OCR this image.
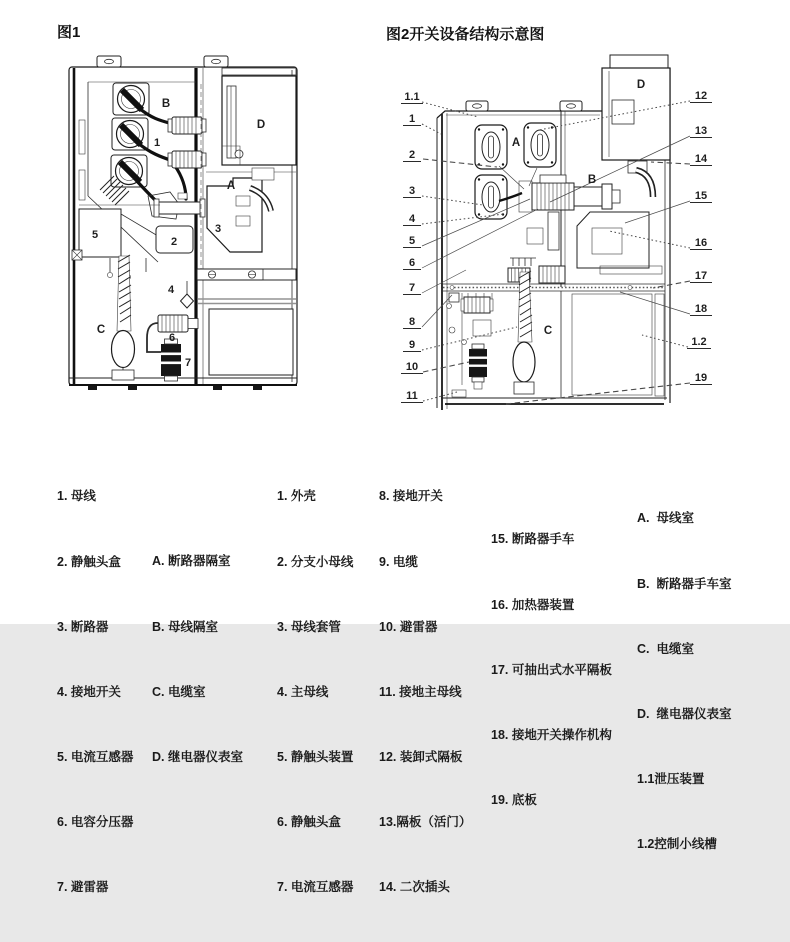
图1	图2开关设备结构示意图
B
1
D
A
5
2
3
4
C
6
7
1.1
1
2
3
4
5
6
7
8
9
10
11
12
13
14
15
16
17
18
1.2
19
A
B
C
D

1. 母线

2. 静触头盒

3. 断路器

4. 接地开关

5. 电流互感器

6. 电容分压器

7. 避雷器

A. 断路器隔室

B. 母线隔室

C. 电缆室

D. 继电器仪表室

1. 外壳

2. 分支小母线

3. 母线套管

4. 主母线

5. 静触头装置

6. 静触头盒

7. 电流互感器

8. 接地开关

9. 电缆

10. 避雷器

11. 接地主母线

12. 装卸式隔板

13.隔板（活门）

14. 二次插头

15. 断路器手车

16. 加热器装置

17. 可抽出式水平隔板

18. 接地开关操作机构

19. 底板

A.  母线室

B.  断路器手车室

C.  电缆室

D.  继电器仪表室

1.1泄压装置

1.2控制小线槽
